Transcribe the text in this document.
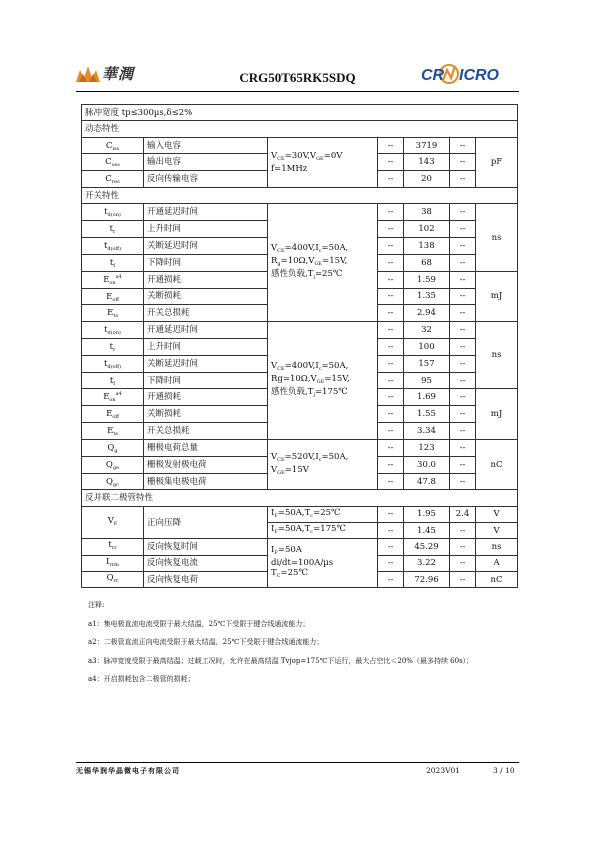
華潤	CRG50T65RK5SDQ	CR ICRO
脉冲宽度 tp≤300µs,δ≤2%						
动态特性						
$C_{iss}$	输入电容	$V_{CE}=30V,V_{GE}=0V$
f=1MHz	--	3719	--	pF
$C_{oss}$	输出电容		--	143	--	
$C_{res}$	反向传输电容		--	20	--	
开关特性						
$t_{d(on)}$	开通延迟时间	$V_{CE}=400V,I_c=50A$,
$R_g=10\Omega,V_{GE}=15V$,
感性负载$,T_j=25℃$	--	38	--	ns
$t_r$	上升时间		--	102	--	
$t_{d(off)}$	关断延迟时间		--	138	--	
$t_f$	下降时间		--	68	--	
$E_{on}^{a4}$	开通损耗		--	1.59	--	mJ
$E_{off}$	关断损耗		--	1.35	--	
$E_{ts}$	开关总损耗		--	2.94	--	
$t_{d(on)}$	开通延迟时间	$V_{CE}=400V,I_c=50A$,
$Rg=10\Omega,V_{GE}=15V$,
感性负载$,T_j=175℃$	--	32	--	ns
$t_r$	上升时间		--	100	--	
$t_{d(off)}$	关断延迟时间		--	157	--	
$t_f$	下降时间		--	95	--	
$E_{on}^{a4}$	开通损耗		--	1.69	--	mJ
$E_{off}$	关断损耗		--	1.55	--	
$E_{ts}$	开关总损耗		--	3.34	--	
$Q_g$	栅极电荷总量	$V_{CE}=520V,I_c=50A$,
$V_{GE}=15V$	--	123	--	nC
$Q_{ge}$	栅极发射极电荷		--	30.0	--	
$Q_{gc}$	栅极集电极电荷		--	47.8	--	
反并联二极管特性						
$V_F$	正向压降	$I_F=50A,T_c=25℃$	--	1.95	2.4	V
		$I_F=50A,T_c=175℃$	--	1.45	--	V
$t_{rr}$	反向恢复时间	$I_F=50A$
di/dt=100A/µs
$T_C=25℃$	--	45.29	--	ns
$I_{rrm}$	反向恢复电流		--	3.22	--	A
$Q_{rr}$	反向恢复电荷		--	72.96	--	nC
注释:
a1：集电极直流电流受限于最大结温，25℃下受限于键合线通流能力；
a2：二极管直流正向电流受限于最大结温，25℃下受限于键合线通流能力；
a3：脉冲宽度受限于最高结温；过载工况时，允许在最高结温 Tvjop=175℃下运行，最大占空比＜20%（最多持续 60s）；
a4：开启损耗包含二极管的损耗；
无锡华润华晶微电子有限公司	2023V01	3 / 10
